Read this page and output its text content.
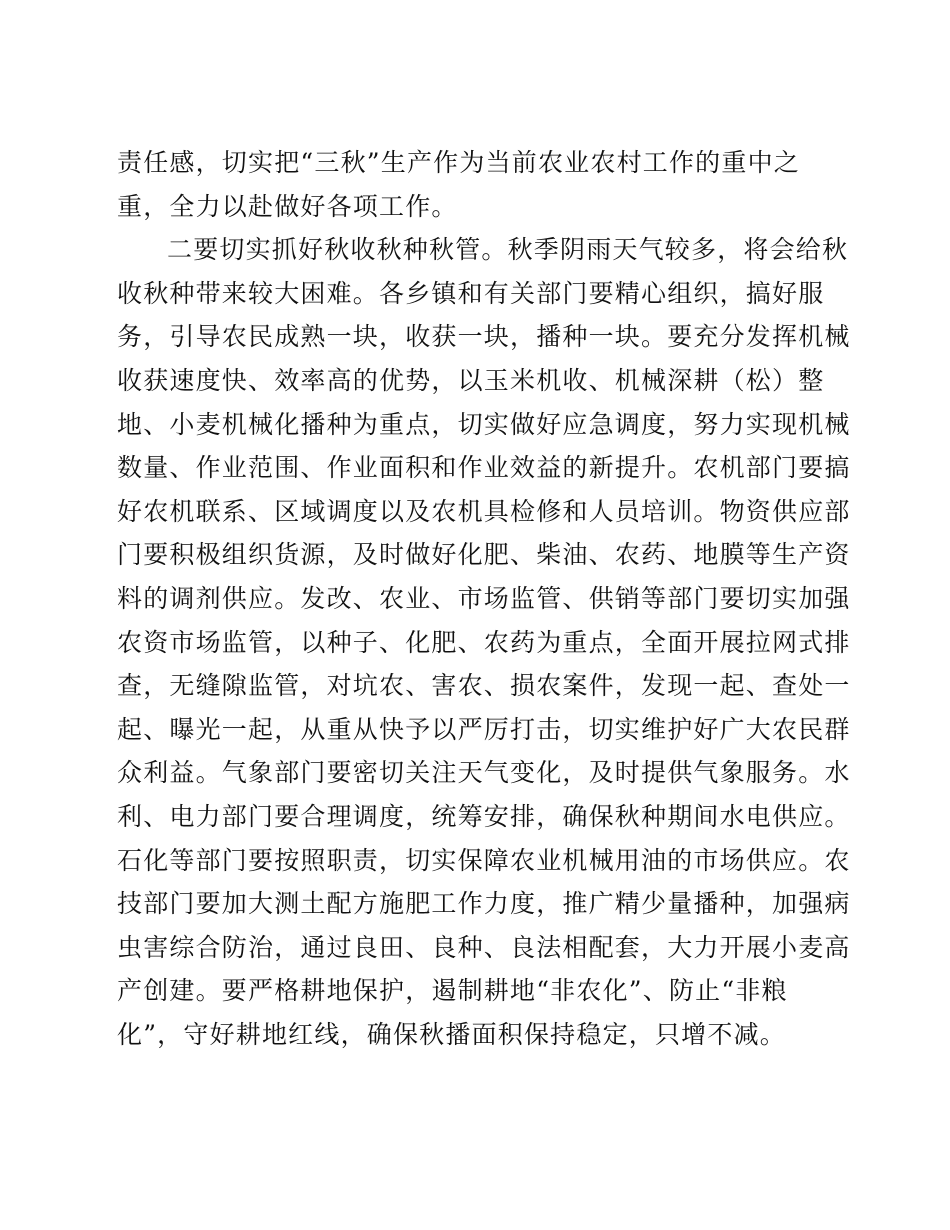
责任感，切实把“三秋”生产作为当前农业农村工作的重中之
重，全力以赴做好各项工作。
二要切实抓好秋收秋种秋管。秋季阴雨天气较多，将会给秋
收秋种带来较大困难。各乡镇和有关部门要精心组织，搞好服
务，引导农民成熟一块，收获一块，播种一块。要充分发挥机械
收获速度快、效率高的优势，以玉米机收、机械深耕（松）整
地、小麦机械化播种为重点，切实做好应急调度，努力实现机械
数量、作业范围、作业面积和作业效益的新提升。农机部门要搞
好农机联系、区域调度以及农机具检修和人员培训。物资供应部
门要积极组织货源，及时做好化肥、柴油、农药、地膜等生产资
料的调剂供应。发改、农业、市场监管、供销等部门要切实加强
农资市场监管，以种子、化肥、农药为重点，全面开展拉网式排
查，无缝隙监管，对坑农、害农、损农案件，发现一起、查处一
起、曝光一起，从重从快予以严厉打击，切实维护好广大农民群
众利益。气象部门要密切关注天气变化，及时提供气象服务。水
利、电力部门要合理调度，统筹安排，确保秋种期间水电供应。
石化等部门要按照职责，切实保障农业机械用油的市场供应。农
技部门要加大测土配方施肥工作力度，推广精少量播种，加强病
虫害综合防治，通过良田、良种、良法相配套，大力开展小麦高
产创建。要严格耕地保护，遏制耕地“非农化”、防止“非粮
化”，守好耕地红线，确保秋播面积保持稳定，只增不减。
